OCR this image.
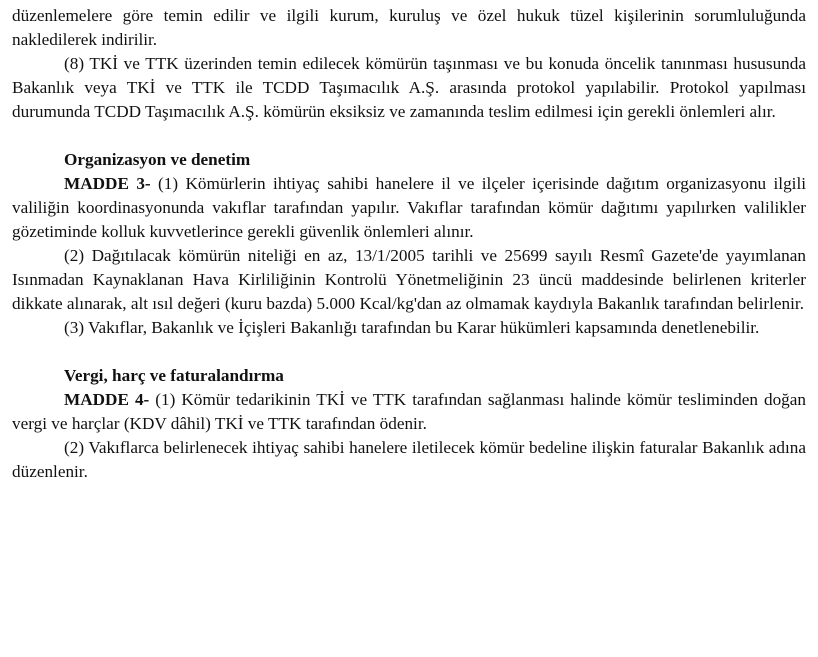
düzenlemelere göre temin edilir ve ilgili kurum, kuruluş ve özel hukuk tüzel kişilerinin sorumluluğunda nakledilerek indirilir.

(8) TKİ ve TTK üzerinden temin edilecek kömürün taşınması ve bu konuda öncelik tanınması hususunda Bakanlık veya TKİ ve TTK ile TCDD Taşımacılık A.Ş. arasında protokol yapılabilir. Protokol yapılması durumunda TCDD Taşımacılık A.Ş. kömürün eksiksiz ve zamanında teslim edilmesi için gerekli önlemleri alır.

Organizasyon ve denetim

MADDE 3- (1) Kömürlerin ihtiyaç sahibi hanelere il ve ilçeler içerisinde dağıtım organizasyonu ilgili valiliğin koordinasyonunda vakıflar tarafından yapılır. Vakıflar tarafından kömür dağıtımı yapılırken valilikler gözetiminde kolluk kuvvetlerince gerekli güvenlik önlemleri alınır.

(2) Dağıtılacak kömürün niteliği en az, 13/1/2005 tarihli ve 25699 sayılı Resmî Gazete'de yayımlanan Isınmadan Kaynaklanan Hava Kirliliğinin Kontrolü Yönetmeliğinin 23 üncü maddesinde belirlenen kriterler dikkate alınarak, alt ısıl değeri (kuru bazda) 5.000 Kcal/kg'dan az olmamak kaydıyla Bakanlık tarafından belirlenir.

(3) Vakıflar, Bakanlık ve İçişleri Bakanlığı tarafından bu Karar hükümleri kapsamında denetlenebilir.

Vergi, harç ve faturalandırma

MADDE 4- (1) Kömür tedarikinin TKİ ve TTK tarafından sağlanması halinde kömür tesliminden doğan vergi ve harçlar (KDV dâhil) TKİ ve TTK tarafından ödenir.

(2) Vakıflarca belirlenecek ihtiyaç sahibi hanelere iletilecek kömür bedeline ilişkin faturalar Bakanlık adına düzenlenir.
